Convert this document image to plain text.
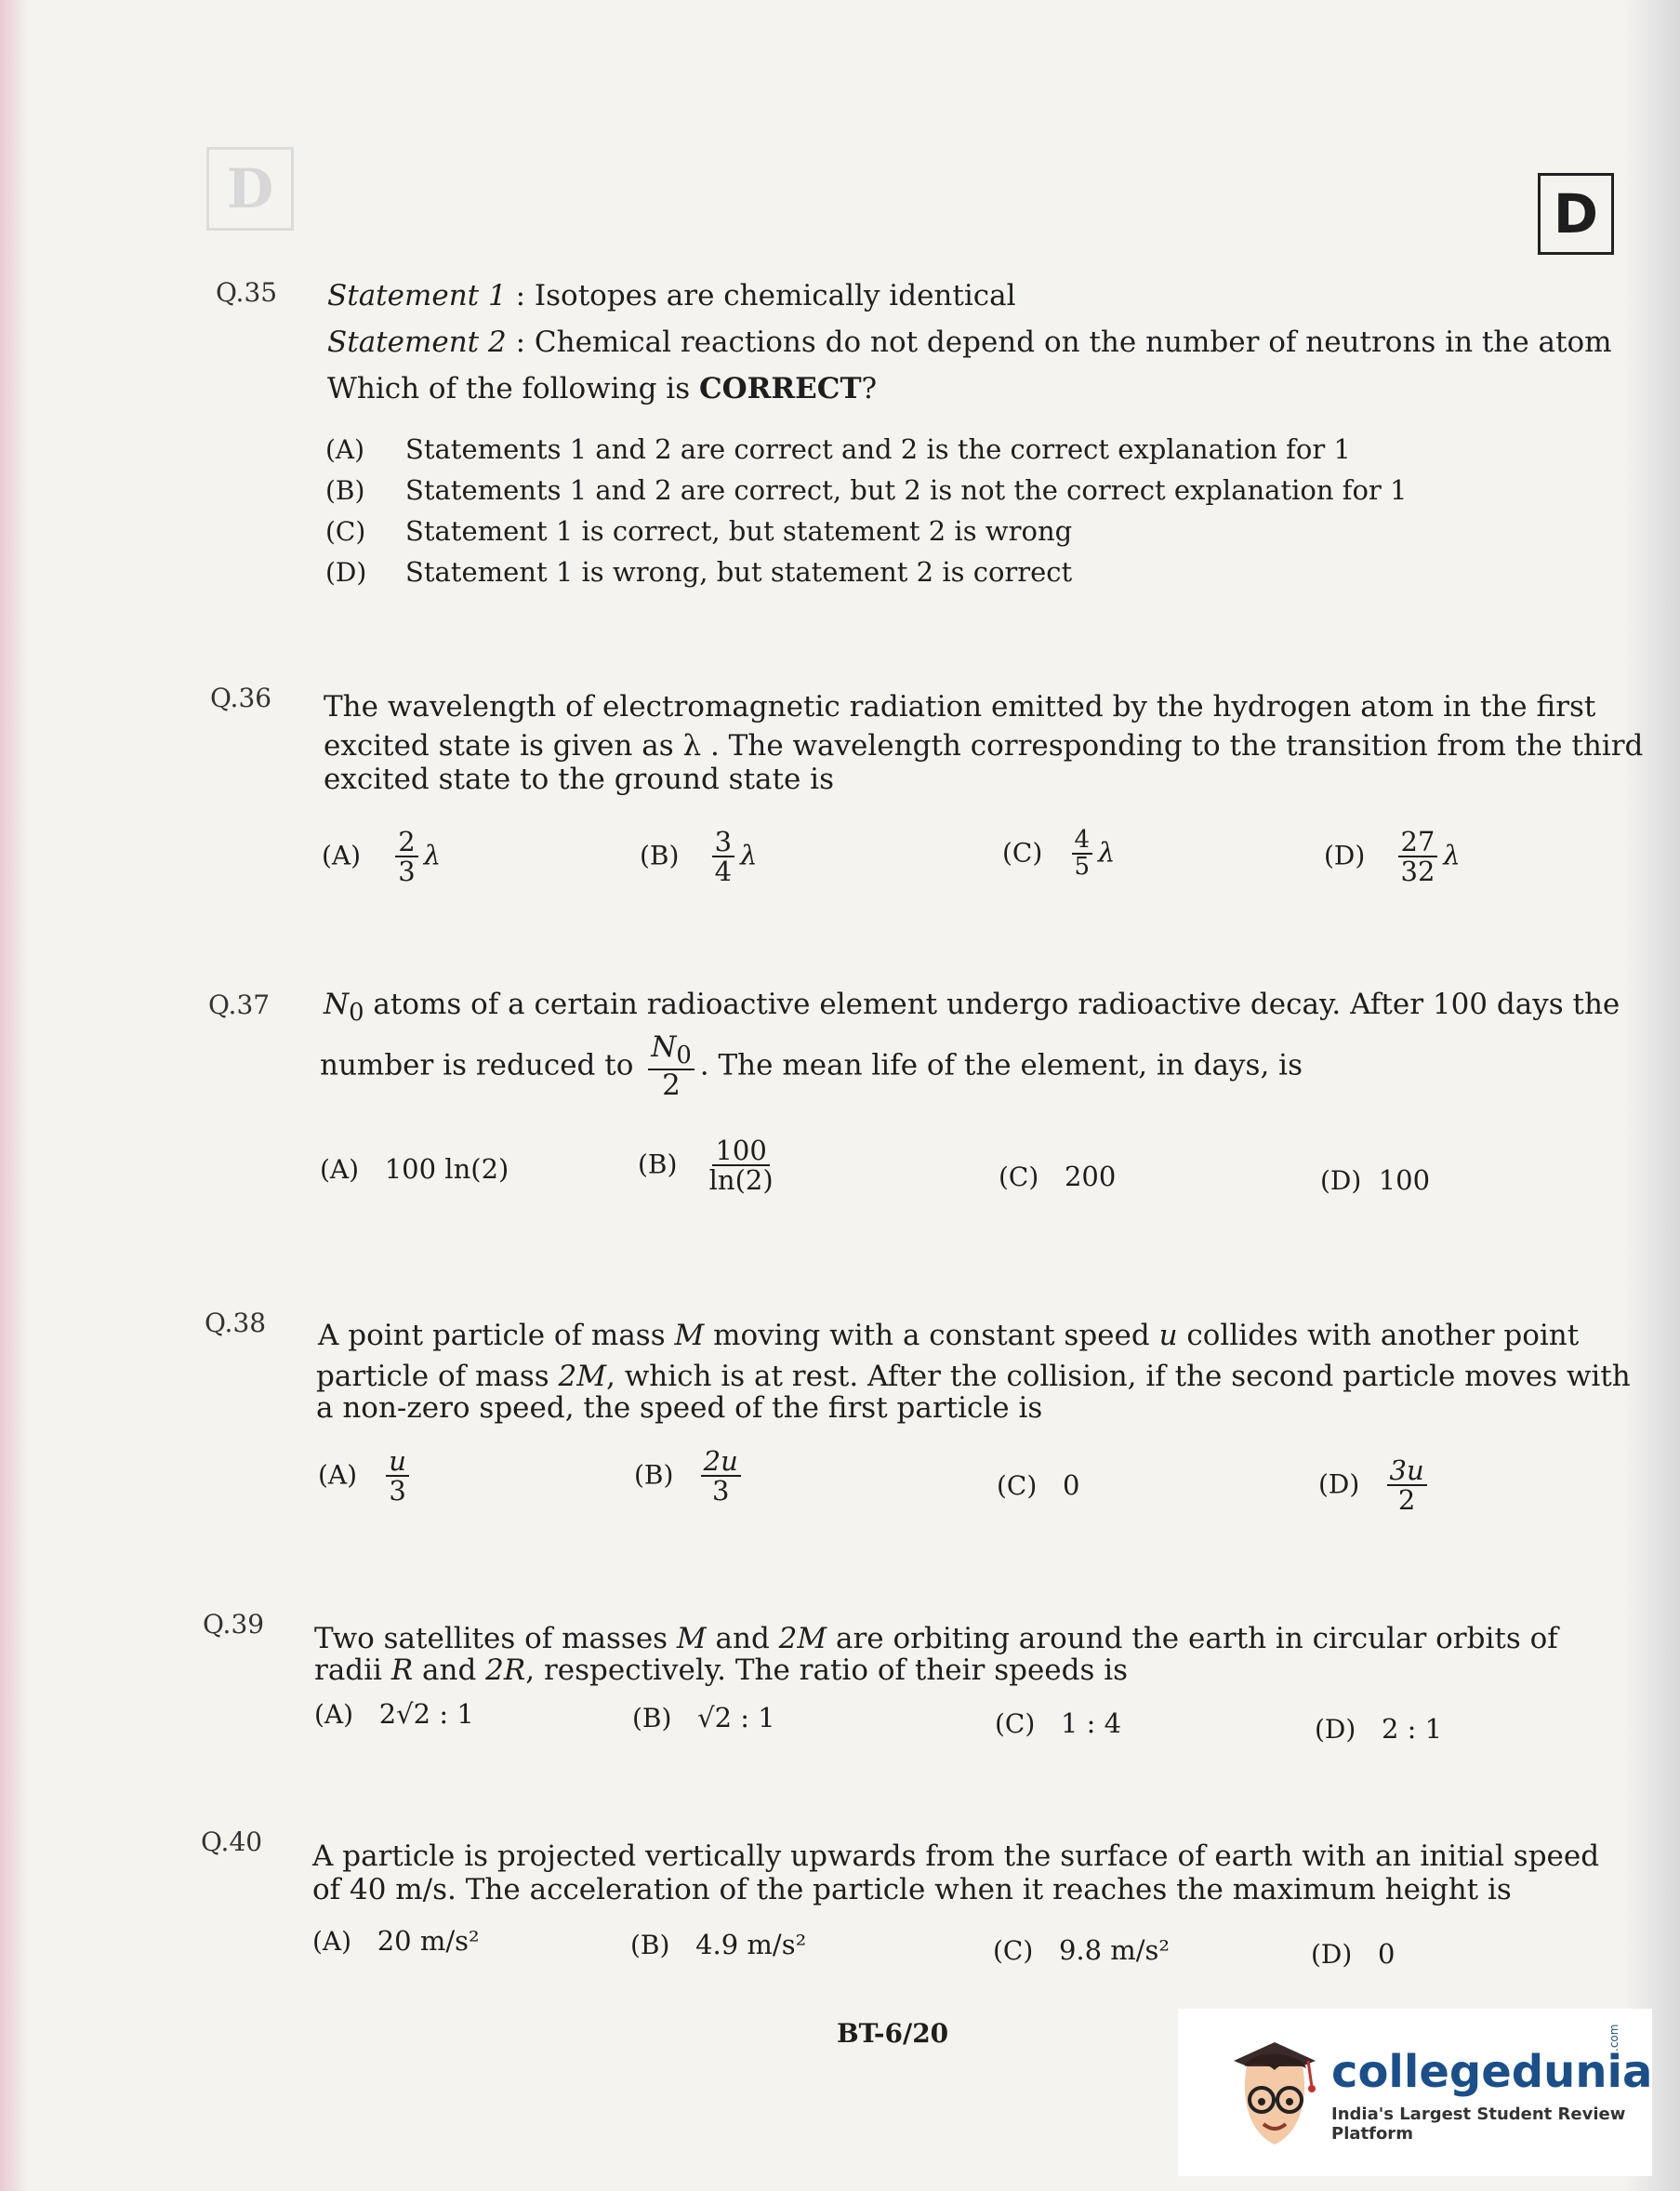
D	D
Q.35 Statement 1 : Isotopes are chemically identical
Statement 2 : Chemical reactions do not depend on the number of neutrons in the atom
Which of the following is CORRECT?
(A) Statements 1 and 2 are correct and 2 is the correct explanation for 1
(B) Statements 1 and 2 are correct, but 2 is not the correct explanation for 1
(C) Statement 1 is correct, but statement 2 is wrong
(D) Statement 1 is wrong, but statement 2 is correct
Q.36 The wavelength of electromagnetic radiation emitted by the hydrogen atom in the first
excited state is given as λ . The wavelength corresponding to the transition from the third
excited state to the ground state is
$(A) \frac{2}{3}$ λ	$(B) \frac{3}{4}$ λ	$(C) \frac{4}{5}$ λ	$(D) \frac{27}{32}$ λ
Q.37 $N_0$ atoms of a certain radioactive element undergo radioactive decay. After 100 days the
number is reduced to $\frac{N_0}{2}$ . The mean life of the element, in days, is
(A) 100 ln(2)	$(B) \frac{100}{\ln(2)}$	(C) 200	(D) 100
Q.38 A point particle of mass M moving with a constant speed u collides with another point
particle of mass 2M, which is at rest. After the collision, if the second particle moves with
a non-zero speed, the speed of the first particle is
$(A) \frac{u}{3}$	$(B) \frac{2u}{3}$	(C) 0	$(D) \frac{3u}{2}$
Q.39 Two satellites of masses M and 2M are orbiting around the earth in circular orbits of
radii R and 2R, respectively. The ratio of their speeds is
(A) 2√2 : 1	(B) √2 : 1	(C) 1 : 4	(D) 2 : 1
Q.40 A particle is projected vertically upwards from the surface of earth with an initial speed
of 40 m/s. The acceleration of the particle when it reaches the maximum height is
(A) 20 m/s²	(B) 4.9 m/s²	(C) 9.8 m/s²	(D) 0
BT-6/20
collegedunia
.com
India's Largest Student Review Platform
